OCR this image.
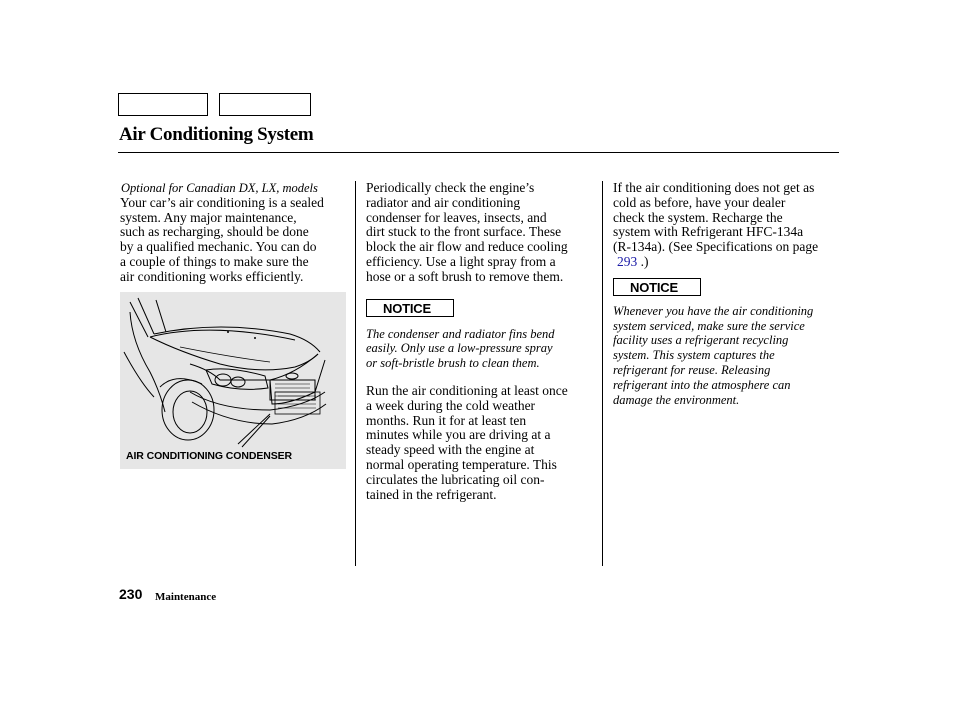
Air Conditioning System

Optional for Canadian DX, LX, models

Your car’s air conditioning is a sealed

system. Any major maintenance,

such as recharging, should be done

by a qualified mechanic. You can do

a couple of things to make sure the

air conditioning works efficiently.

AIR CONDITIONING CONDENSER

Periodically check the engine’s

radiator and air conditioning

condenser for leaves, insects, and

dirt stuck to the front surface. These

block the air flow and reduce cooling

efficiency. Use a light spray from a

hose or a soft brush to remove them.

NOTICE

The condenser and radiator fins bend

easily. Only use a low-pressure spray

or soft-bristle brush to clean them.

Run the air conditioning at least once

a week during the cold weather

months. Run it for at least ten

minutes while you are driving at a

steady speed with the engine at

normal operating temperature. This

circulates the lubricating oil con-

tained in the refrigerant.

If the air conditioning does not get as

cold as before, have your dealer

check the system. Recharge the

system with Refrigerant HFC-134a

(R-134a). (See Specifications on page

293 .)

NOTICE

Whenever you have the air conditioning

system serviced, make sure the service

facility uses a refrigerant recycling

system. This system captures the

refrigerant for reuse. Releasing

refrigerant into the atmosphere can

damage the environment.

230 Maintenance
